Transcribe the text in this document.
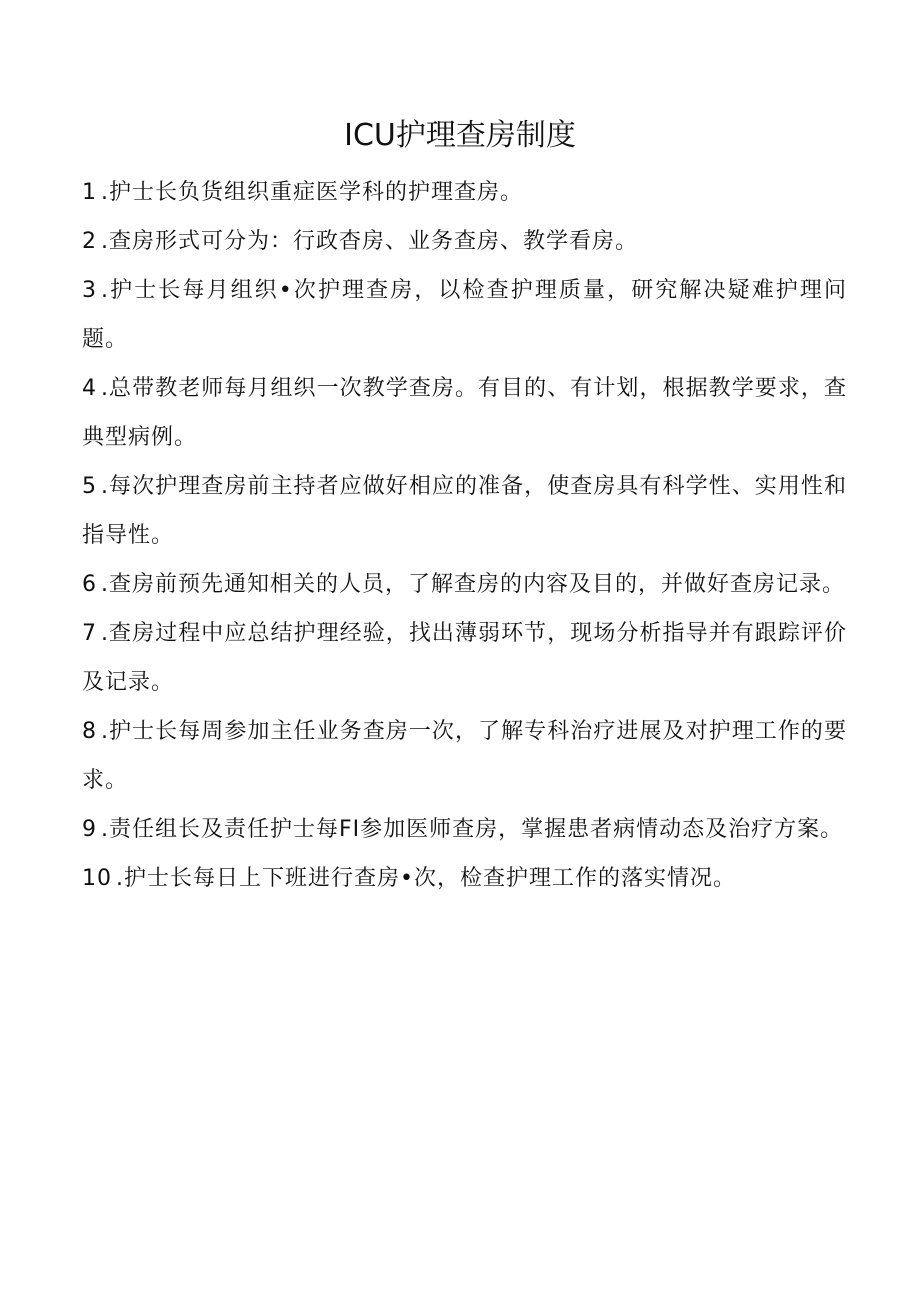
ICU护理查房制度

1 .护士长负货组织重症医学科的护理查房。

2 .查房形式可分为：行政杳房、业务查房、教学看房。

3 .护士长每月组织•次护理查房，以检查护理质量，研究解决疑难护理问题。

4 .总带教老师每月组织一次教学查房。有目的、有计划，根据教学要求，查典型病例。

5 .每次护理查房前主持者应做好相应的准备，使查房具有科学性、实用性和指导性。

6 .查房前预先通知相关的人员，了解查房的内容及目的，并做好查房记录。

7 .查房过程中应总结护理经验，找出薄弱环节，现场分析指导并有跟踪评价及记录。

8 .护士长每周参加主任业务查房一次，了解专科治疗进展及对护理工作的要求。

9 .责任组长及责任护士每FI参加医师查房，掌握患者病情动态及治疗方案。

10 .护士长每日上下班进行查房•次，检查护理工作的落实情况。
